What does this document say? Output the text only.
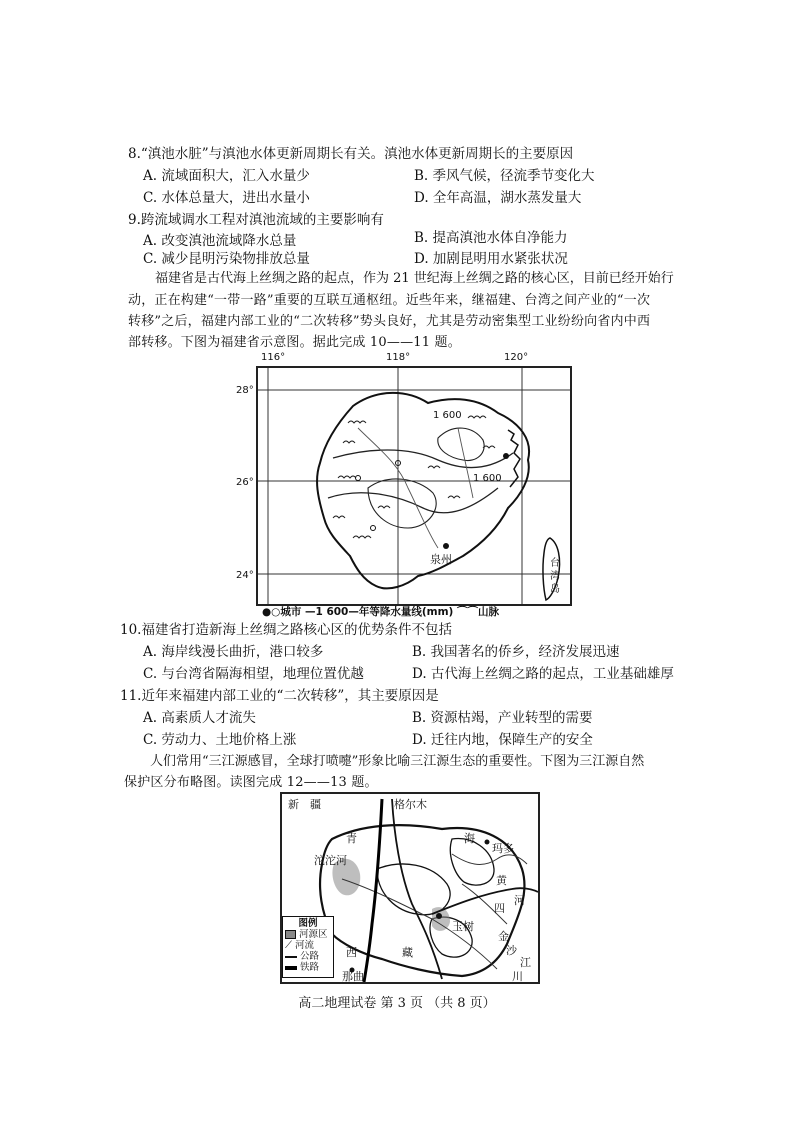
8.“滇池水脏”与滇池水体更新周期长有关。滇池水体更新周期长的主要原因
A. 流域面积大，汇入水量少	B. 季风气候，径流季节变化大
C. 水体总量大，进出水量小	D. 全年高温，湖水蒸发量大
9.跨流域调水工程对滇池流域的主要影响有
A. 改变滇池流域降水总量	B. 提高滇池水体自净能力
C. 减少昆明污染物排放总量	D. 加剧昆明用水紧张状况
福建省是古代海上丝绸之路的起点，作为 21 世纪海上丝绸之路的核心区，目前已经开始行
动，正在构建“一带一路”重要的互联互通枢纽。近些年来，继福建、台湾之间产业的“一次
转移”之后，福建内部工业的“二次转移”势头良好，尤其是劳动密集型工业纷纷向省内中西
部转移。下图为福建省示意图。据此完成 10——11 题。
116°	118°	120°
28°
26°
24°
1 600
1 600
泉州	台
湾
岛
●○城市 —1 600—年等降水量线(mm) ⌒⌒山脉
10.福建省打造新海上丝绸之路核心区的优势条件不包括
A. 海岸线漫长曲折，港口较多	B. 我国著名的侨乡，经济发展迅速
C. 与台湾省隔海相望，地理位置优越	D. 古代海上丝绸之路的起点，工业基础雄厚
11.近年来福建内部工业的“二次转移”，其主要原因是
A. 高素质人才流失	B. 资源枯竭，产业转型的需要
C. 劳动力、土地价格上涨	D. 迁往内地，保障生产的安全
人们常用“三江源感冒，全球打喷嚏”形象比喻三江源生态的重要性。下图为三江源自然
保护区分布略图。读图完成 12——13 题。
新　疆	格尔木
青	海
玛多
沱沱河
黄
河
四
玉树
金
沙
江
川
西	藏
那曲
图例
河源区
⟋ 河流
公路
铁路
高二地理试卷 第 3 页 （共 8 页）
